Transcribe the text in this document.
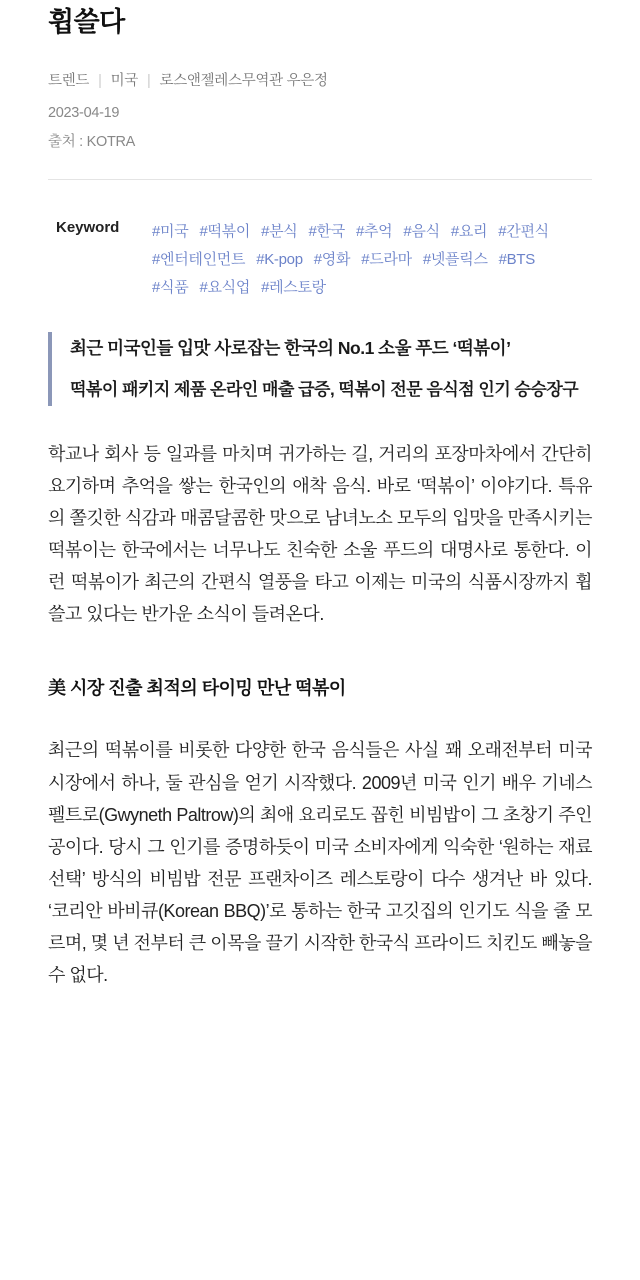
휩쓸다
트렌드 | 미국 | 로스앤젤레스무역관 우은정
2023-04-19
출처 : KOTRA
Keyword	#미국 #떡볶이 #분식 #한국 #추억 #음식 #요리 #간편식#엔터테인먼트 #K-pop #영화 #드라마 #넷플릭스 #BTS#식품 #요식업 #레스토랑

최근 미국인들 입맛 사로잡는 한국의 No.1 소울 푸드 ‘떡볶이’

떡볶이 패키지 제품 온라인 매출 급증, 떡볶이 전문 음식점 인기 승승장구

학교나 회사 등 일과를 마치며 귀가하는 길, 거리의 포장마차에서 간단히 요기하며 추억을 쌓는 한국인의 애착 음식. 바로 ‘떡볶이’ 이야기다. 특유의 쫄깃한 식감과 매콤달콤한 맛으로 남녀노소 모두의 입맛을 만족시키는 떡볶이는 한국에서는 너무나도 친숙한 소울 푸드의 대명사로 통한다. 이런 떡볶이가 최근의 간편식 열풍을 타고 이제는 미국의 식품시장까지 휩쓸고 있다는 반가운 소식이 들려온다.

美 시장 진출 최적의 타이밍 만난 떡볶이

최근의 떡볶이를 비롯한 다양한 한국 음식들은 사실 꽤 오래전부터 미국 시장에서 하나, 둘 관심을 얻기 시작했다. 2009년 미국 인기 배우 기네스 펠트로(Gwyneth Paltrow)의 최애 요리로도 꼽힌 비빔밥이 그 초창기 주인공이다. 당시 그 인기를 증명하듯이 미국 소비자에게 익숙한 ‘원하는 재료 선택’ 방식의 비빔밥 전문 프랜차이즈 레스토랑이 다수 생겨난 바 있다. ‘코리안 바비큐(Korean BBQ)’로 통하는 한국 고깃집의 인기도 식을 줄 모르며, 몇 년 전부터 큰 이목을 끌기 시작한 한국식 프라이드 치킨도 빼놓을 수 없다.
